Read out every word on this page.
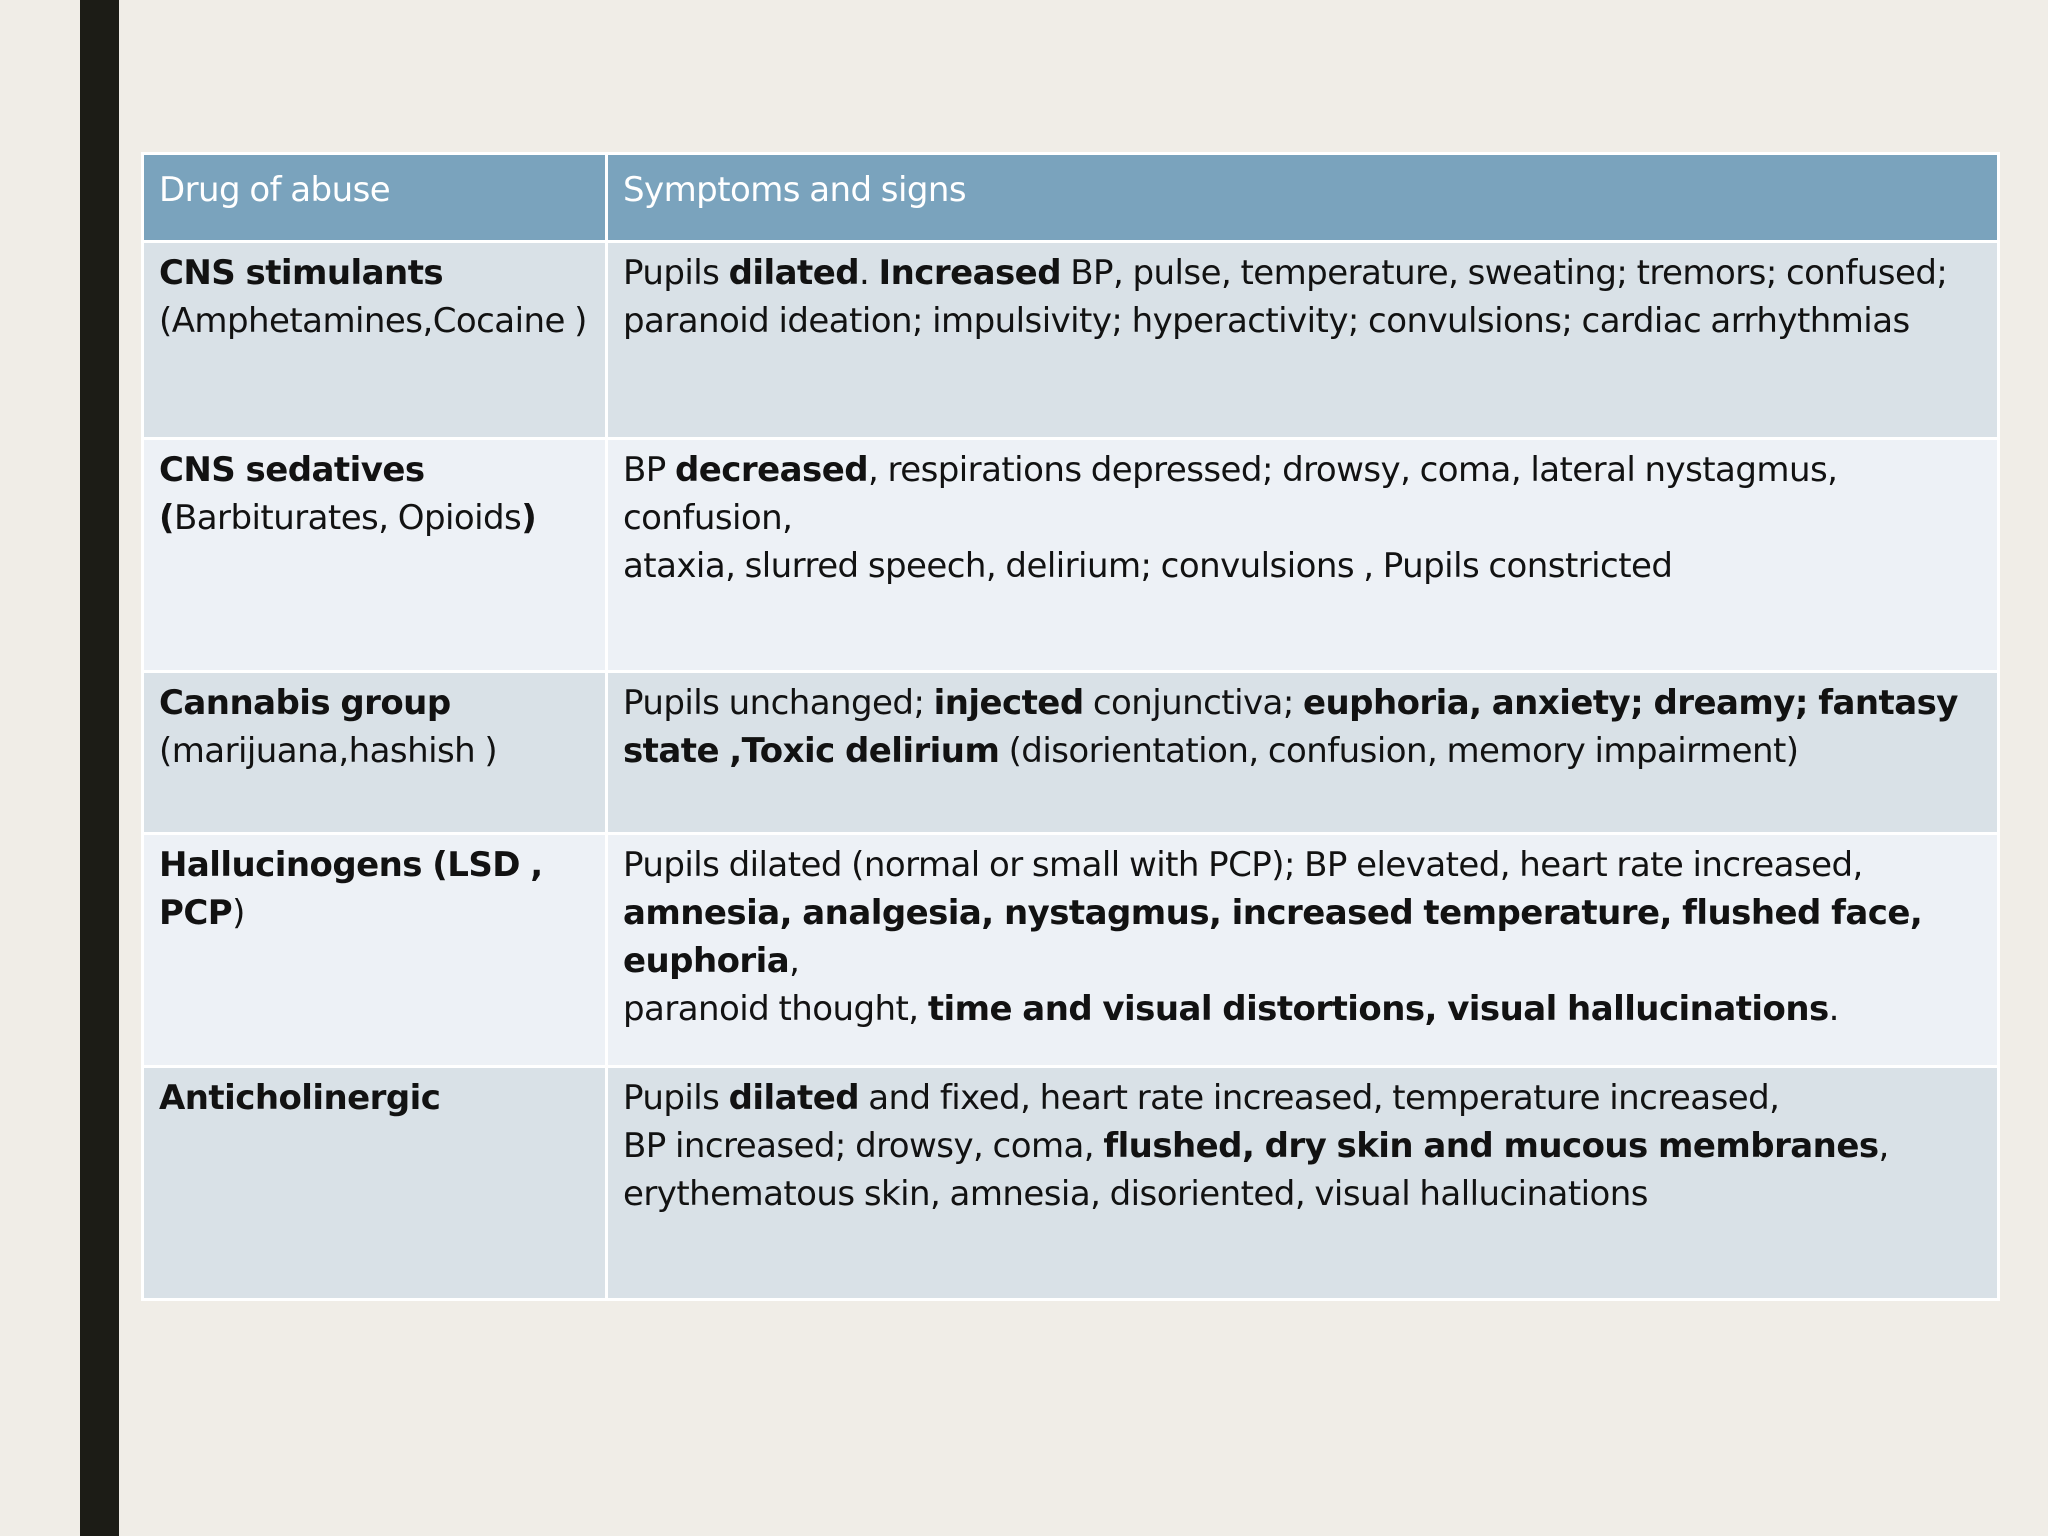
Drug of abuse	Symptoms and signs

CNS stimulants
(Amphetamines,Cocaine )	Pupils dilated. Increased BP, pulse, temperature, sweating; tremors; confused;
paranoid ideation; impulsivity; hyperactivity; convulsions; cardiac arrhythmias

CNS sedatives
(Barbiturates, Opioids)	BP decreased, respirations depressed; drowsy, coma, lateral nystagmus,
confusion,
ataxia, slurred speech, delirium; convulsions , Pupils constricted

Cannabis group
(marijuana,hashish )	Pupils unchanged; injected conjunctiva; euphoria, anxiety; dreamy; fantasy
state ,Toxic delirium (disorientation, confusion, memory impairment)

Hallucinogens (LSD ,
PCP)	Pupils dilated (normal or small with PCP); BP elevated, heart rate increased,
amnesia, analgesia, nystagmus, increased temperature, flushed face, euphoria,
paranoid thought, time and visual distortions, visual hallucinations.

Anticholinergic	Pupils dilated and fixed, heart rate increased, temperature increased,
BP increased; drowsy, coma, flushed, dry skin and mucous membranes,
erythematous skin, amnesia, disoriented, visual hallucinations
